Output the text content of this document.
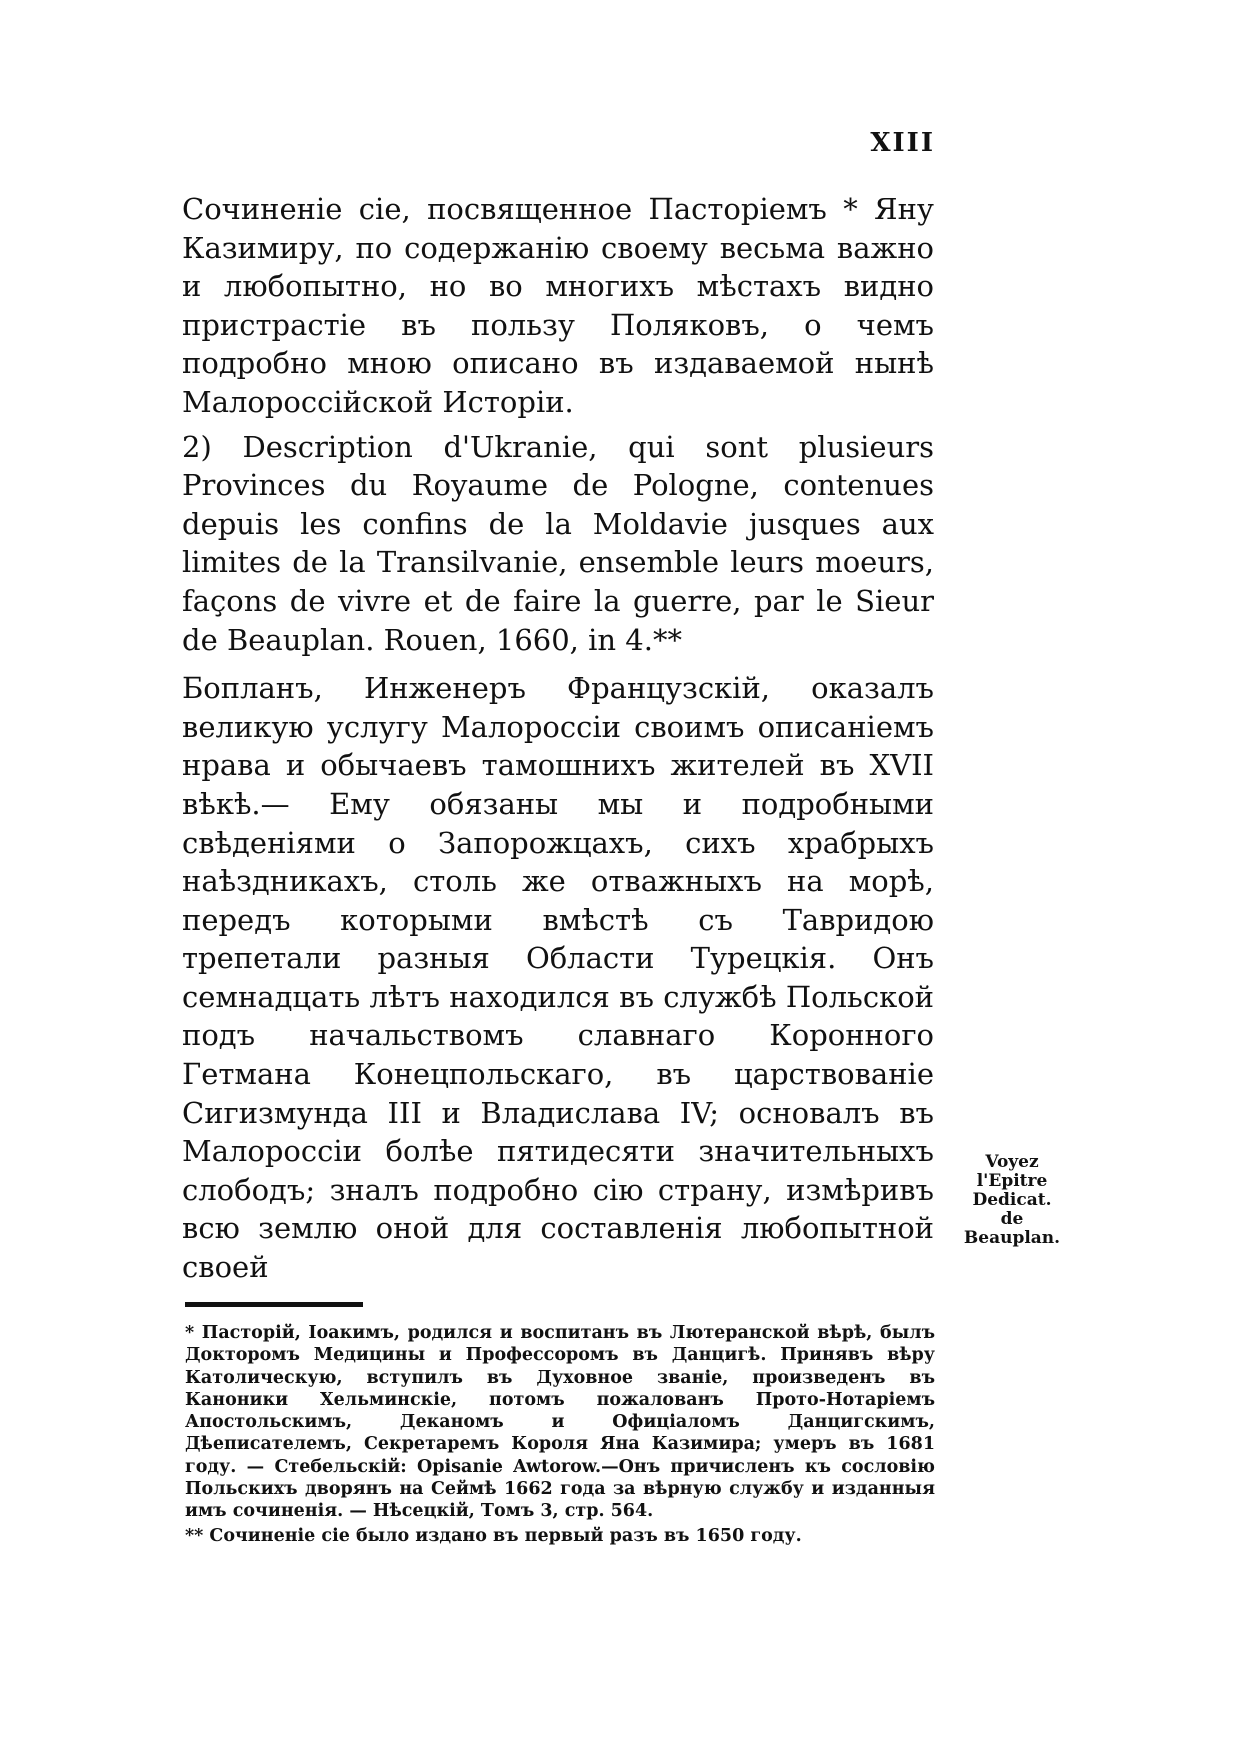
XIII

Сочиненіе сіе, посвященное Пасторіемъ * Яну Казимиру, по содержанію своему весьма важно и любопытно, но во многихъ мѣстахъ видно пристрастіе въ пользу Поляковъ, о чемъ подробно мною описано въ издаваемой нынѣ Малороссійской Исторіи.

2) Description d'Ukranie, qui sont plusieurs Provinces du Royaume de Pologne, contenues depuis les confins de la Moldavie jusques aux limites de la Transilvanie, ensemble leurs moeurs, façons de vivre et de faire la guerre, par le Sieur de Beauplan. Rouen, 1660, in 4.**

Бопланъ, Инженеръ Французскій, оказалъ великую услугу Малороссіи своимъ описаніемъ нрава и обычаевъ тамошнихъ жителей въ XVII вѣкѣ.— Ему обязаны мы и подробными свѣденіями о Запорожцахъ, сихъ храбрыхъ наѣздникахъ, столь же отважныхъ на морѣ, передъ которыми вмѣстѣ съ Тавридою трепетали разныя Области Турецкія. Онъ семнадцать лѣтъ находился въ службѣ Польской подъ начальствомъ славнаго Коронного Гетмана Конецпольскаго, въ царствованіе Сигизмунда III и Владислава IV; основалъ въ Малороссіи болѣе пятидесяти значительныхъ слободъ; зналъ подробно сію страну, измѣривъ всю землю оной для составленія любопытной своей

Voyez
l'Epitre
Dedicat.
de Beauplan.

* Пасторій, Іоакимъ, родился и воспитанъ въ Лютеранской вѣрѣ, былъ Докторомъ Медицины и Профессоромъ въ Данцигѣ. Принявъ вѣру Католическую, вступилъ въ Духовное званіе, произведенъ въ Каноники Хельминскіе, потомъ пожалованъ Прото-Нотаріемъ Апостольскимъ, Деканомъ и Офиціаломъ Данцигскимъ, Дѣеписателемъ, Секретаремъ Короля Яна Казимира; умеръ въ 1681 году. — Стебельскій: Opisanie Awtorow.—Онъ причисленъ къ сословію Польскихъ дворянъ на Сеймѣ 1662 года за вѣрную службу и изданныя имъ сочиненія. — Нѣсецкій, Томъ 3, стр. 564.

** Сочиненіе сіе было издано въ первый разъ въ 1650 году.
